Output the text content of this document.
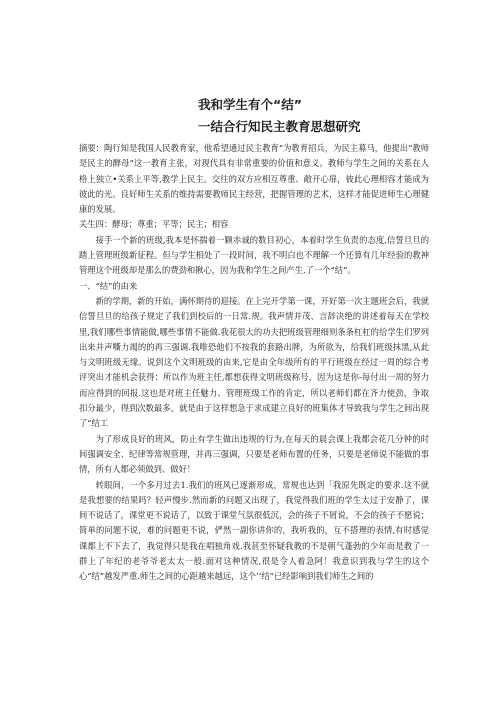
我和学生有个“结”
一结合行知民主教育思想研究

摘要：陶行知是我国人民教育家，他希望通过民主教育“为教育招兵，为民主募马，他提出“教师是民主的酵母”这一教育主张，对现代具有非常重要的价值和意义。教师与学生之间的关系在人格上独立•关系上平等,教学上民主。交往的双方应相互尊重、敞开心扉，彼此心理相容才能成为彼此的光。良好师生关系的维持需要教师民主经营，把握管理的艺术，这样才能促进师生心理健康的发展。

关生四：酵母；尊重；平等；民主；相容

接手一个新的班级,我本是怀揣着一颗赤诚的数目初心，本着时学生负责的态度,信誓旦旦的踏上管理班级新征程。但与学生相处了一段时间，我不明白也不理解一个还算有几年经验的教神管理这个班级却是那么的费劲和揪心，因为我和学生之间产生.了一个“结”。

一、“结”的由来

新的学期，新的开始，满怀期待的迎接。在上完开学第一课，开好第一次主题班会后，我就信誓旦旦的给孩子规定了我们到校后的一日常.规。我声情并茂、言辞决绝的讲述着每天在学校里,我们哪些事情能做,哪些事情不能做.我花很大的功夫把班级管理细则条条杠杠的给学生们罗列出来并声嘶力竭的的再三强调.我唯恐他们不按我的套路出牌，为所欲为，给我们班级抹黑,从此与文明班级无缘。说到这个文明班级的由来,它是由全年级所有的平行班级在经过一周的综合考评突出才能机会获得：所以作为班主任,都想获得文明班级称号，因为这是你-每付出一周的努力而应得到的回报.这也是对班主任魅力、管理班级工作的肯定，所以老师们都在齐力使劲，争取扣分最少，得到次数最多。就是由于这样想急于求成建立良好的班集体才导致我与学生之间出现了“结工

为了形成良好的班风，防止有学生做出违规的行为,在每天的晨会课上我都会花几分钟的时间强调安全、纪律等常规管理，并再三强调，只要是老师布置的任务，只要是老师说不能做的事情，所有人都必须做到、做好！

转眼间，一个多月过去1.我们的班风已逐渐形成，常规也达到「我原先既定的要求.这不就是我想要的结果吗？轻声慢步.然而新的问题又出现了，我觉得我们班的学生太过于安静了，课间不说话了，课堂更不说话了，以致于课堂气氛很低沉，会的孩子不屑说，不会的孩子不愿说；简单的问题不说，难的问题更不说，俨然一副你讲你的，我听我的，互不搭理的表情,有时感觉课都上不下去了，我觉得只是我在唱独角戏.我甚至怀疑我教的不是朝气蓬勃的少年而是教了一群上了年纪的老爷爷老太太一般.面对这种情况,很是令人着急阿！我意识到我与学生的这个心“结”越发严重.师生之间的心距越来越远，这个’‘结”已经影响到我们师生之间的
